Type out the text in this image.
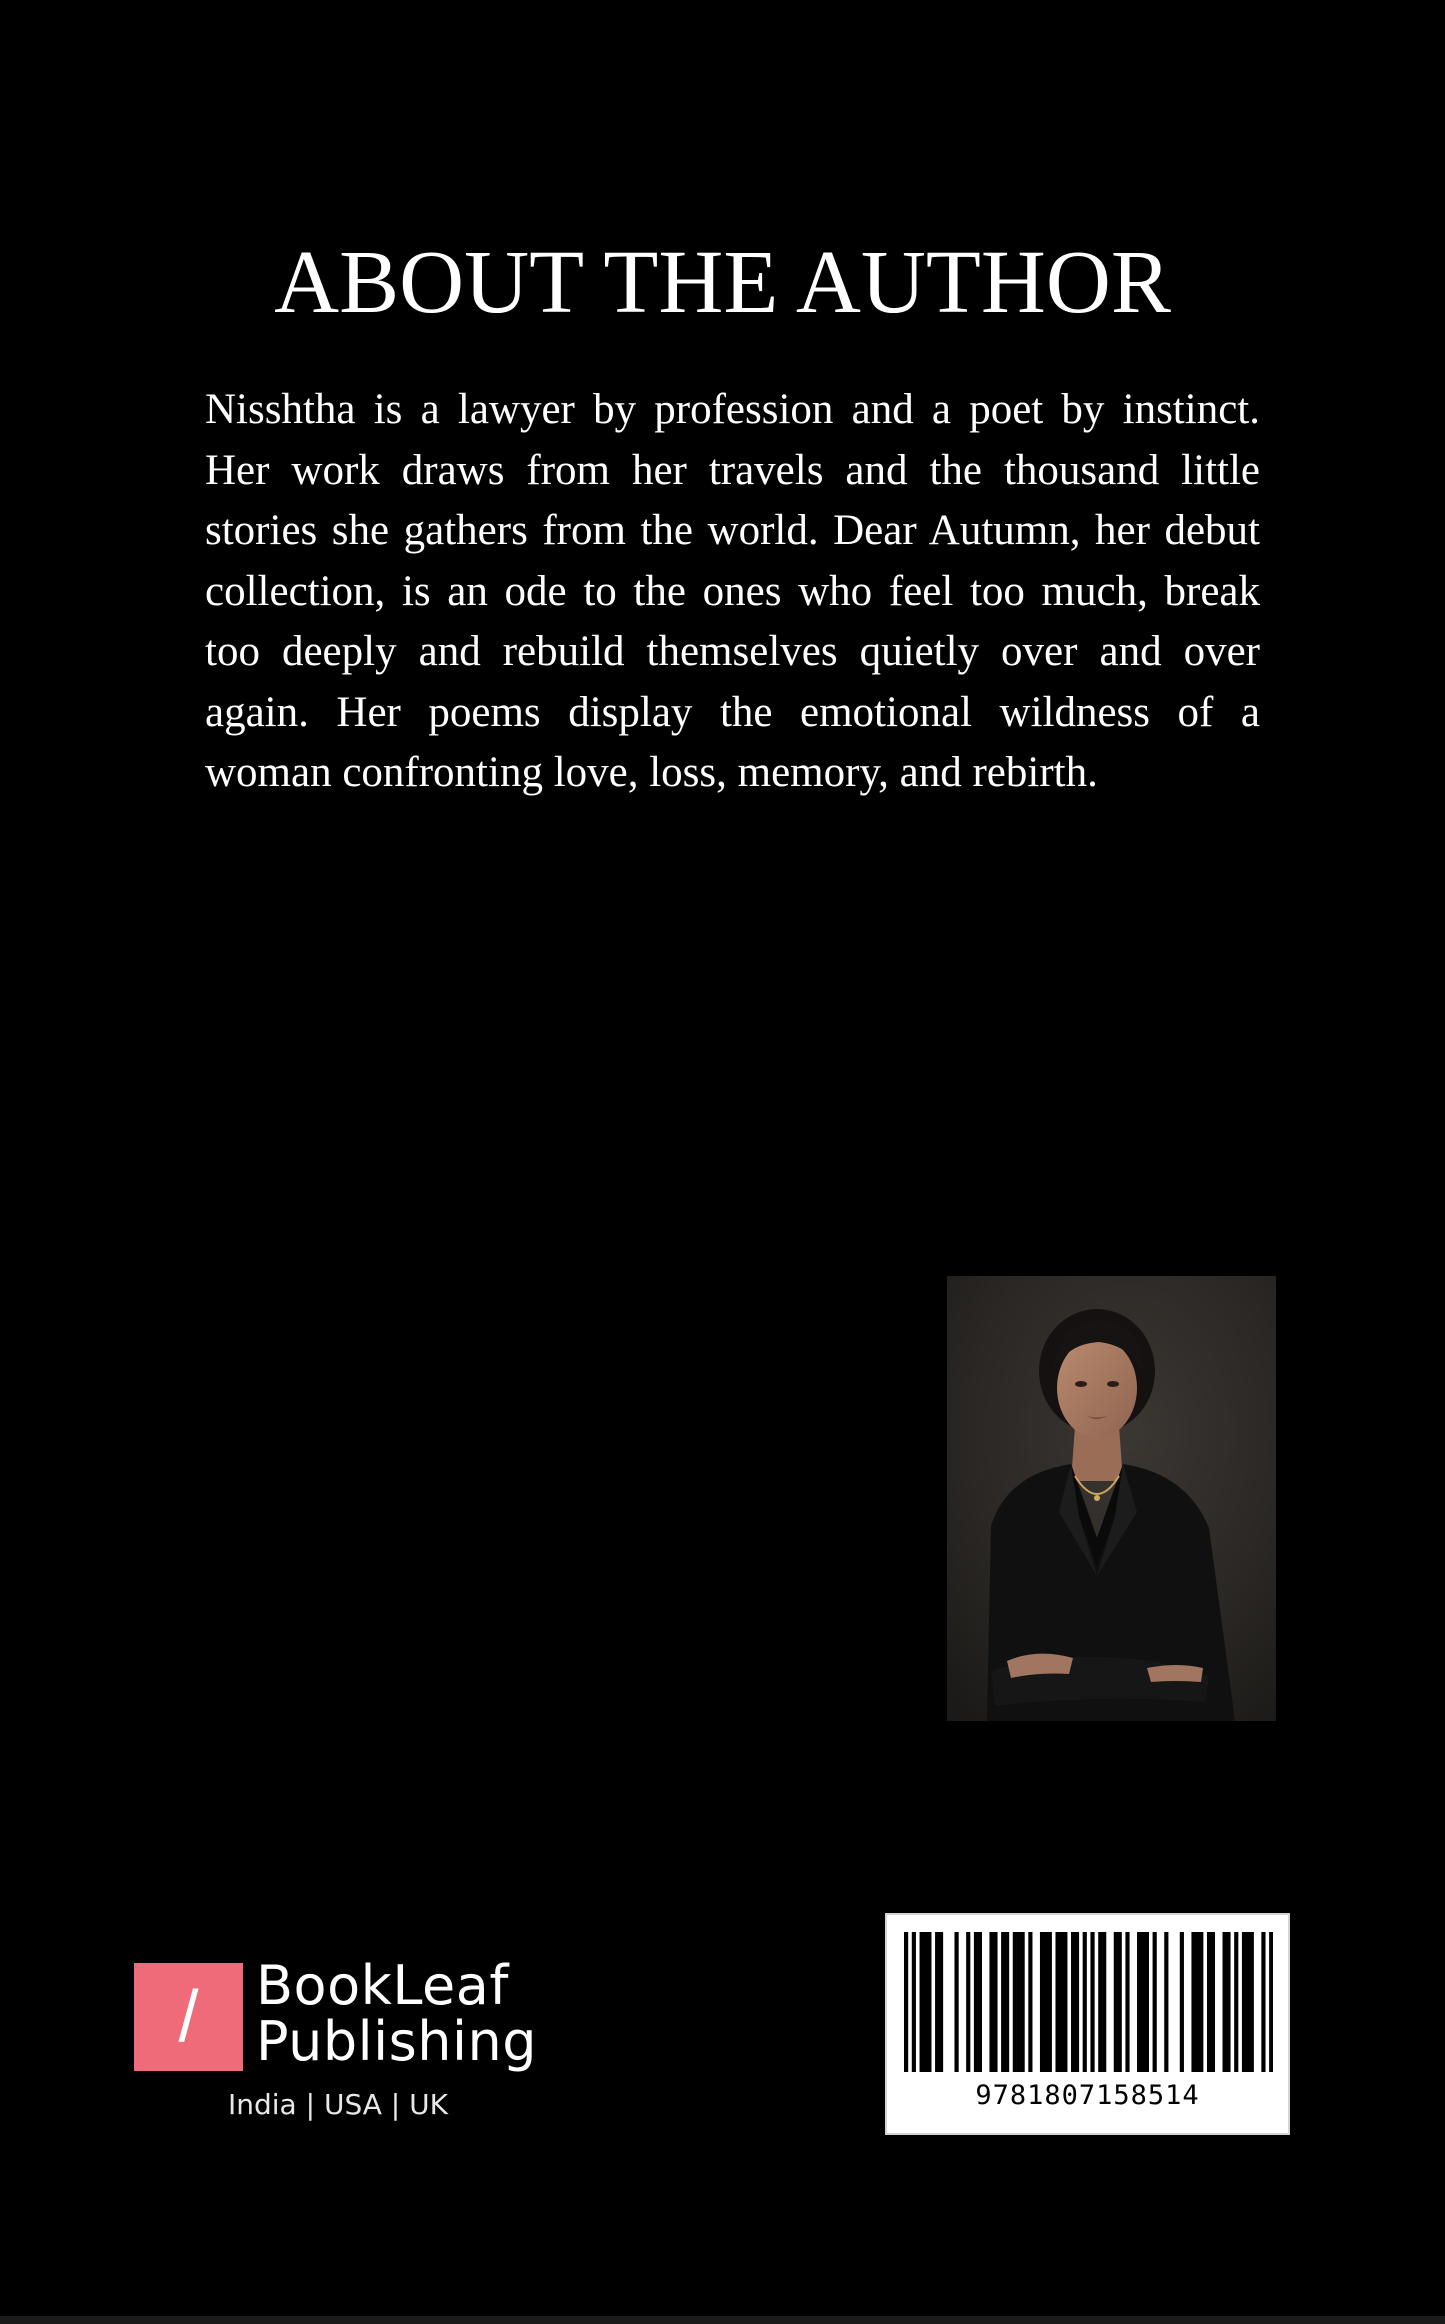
ABOUT THE AUTHOR

Nisshtha is a lawyer by profession and a poet by instinct. Her work draws from her travels and the thousand little stories she gathers from the world. Dear Autumn, her debut collection, is an ode to the ones who feel too much, break too deeply and rebuild themselves quietly over and over again. Her poems display the emotional wildness of a woman confronting love, loss, memory, and rebirth.

/	BookLeaf
Publishing
India | USA | UK	9781807158514
